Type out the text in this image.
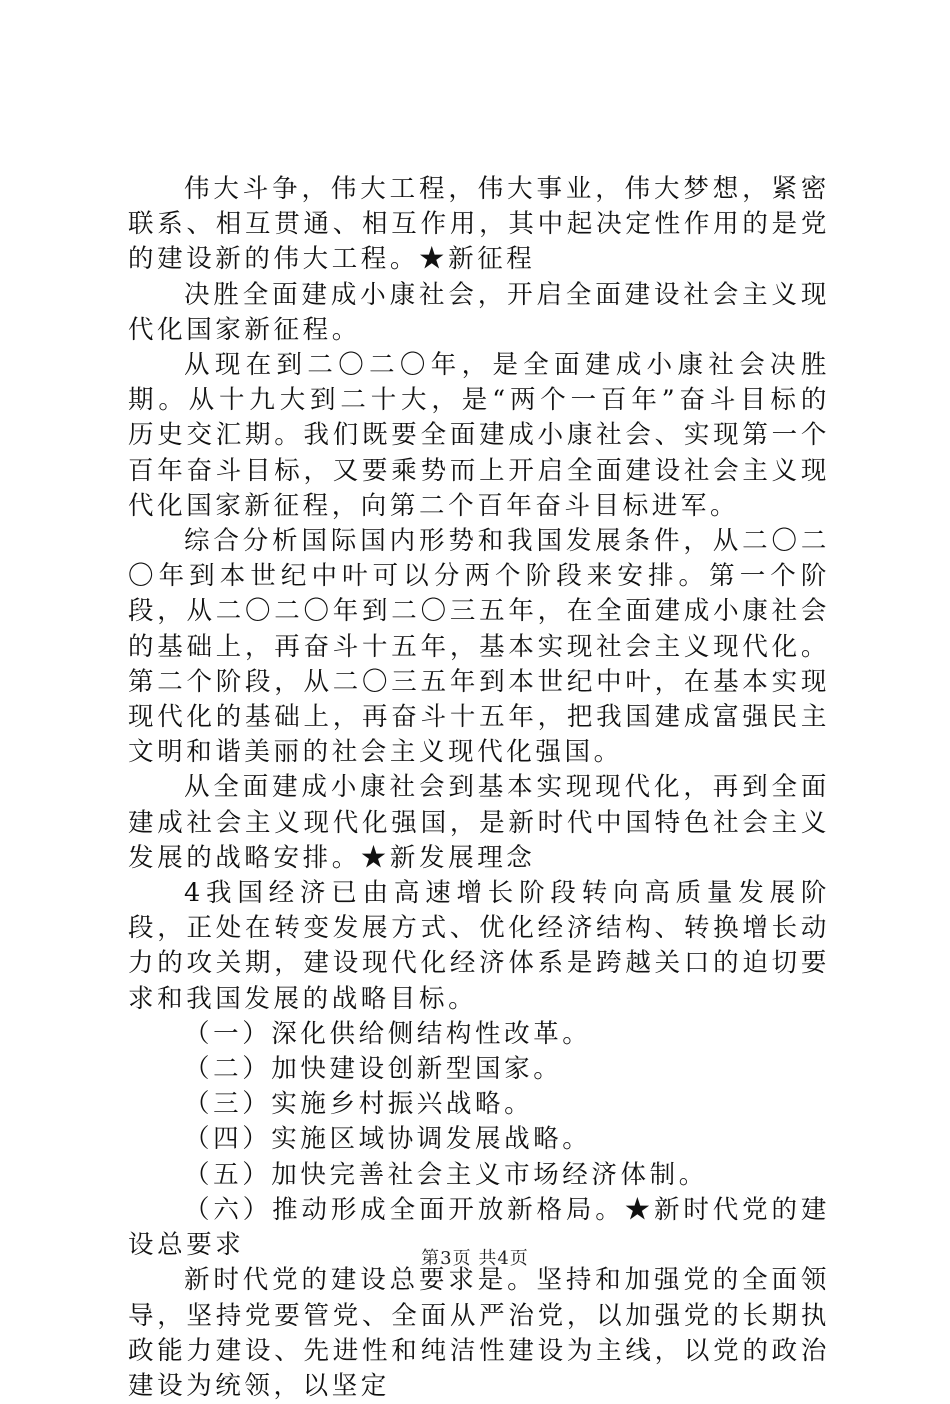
伟大斗争，伟大工程，伟大事业，伟大梦想，紧密联系、相互贯通、相互作用，其中起决定性作用的是党的建设新的伟大工程。★新征程

决胜全面建成小康社会，开启全面建设社会主义现代化国家新征程。

从现在到二〇二〇年，是全面建成小康社会决胜期。从十九大到二十大，是“两个一百年”奋斗目标的历史交汇期。我们既要全面建成小康社会、实现第一个百年奋斗目标，又要乘势而上开启全面建设社会主义现代化国家新征程，向第二个百年奋斗目标进军。

综合分析国际国内形势和我国发展条件，从二〇二〇年到本世纪中叶可以分两个阶段来安排。第一个阶段，从二〇二〇年到二〇三五年，在全面建成小康社会的基础上，再奋斗十五年，基本实现社会主义现代化。第二个阶段，从二〇三五年到本世纪中叶，在基本实现现代化的基础上，再奋斗十五年，把我国建成富强民主文明和谐美丽的社会主义现代化强国。

从全面建成小康社会到基本实现现代化，再到全面建成社会主义现代化强国，是新时代中国特色社会主义发展的战略安排。★新发展理念

4我国经济已由高速增长阶段转向高质量发展阶段，正处在转变发展方式、优化经济结构、转换增长动力的攻关期，建设现代化经济体系是跨越关口的迫切要求和我国发展的战略目标。

（一）深化供给侧结构性改革。

（二）加快建设创新型国家。

（三）实施乡村振兴战略。

（四）实施区域协调发展战略。

（五）加快完善社会主义市场经济体制。

（六）推动形成全面开放新格局。★新时代党的建设总要求

新时代党的建设总要求是。坚持和加强党的全面领导，坚持党要管党、全面从严治党，以加强党的长期执政能力建设、先进性和纯洁性建设为主线，以党的政治建设为统领，以坚定

第3页 共4页
